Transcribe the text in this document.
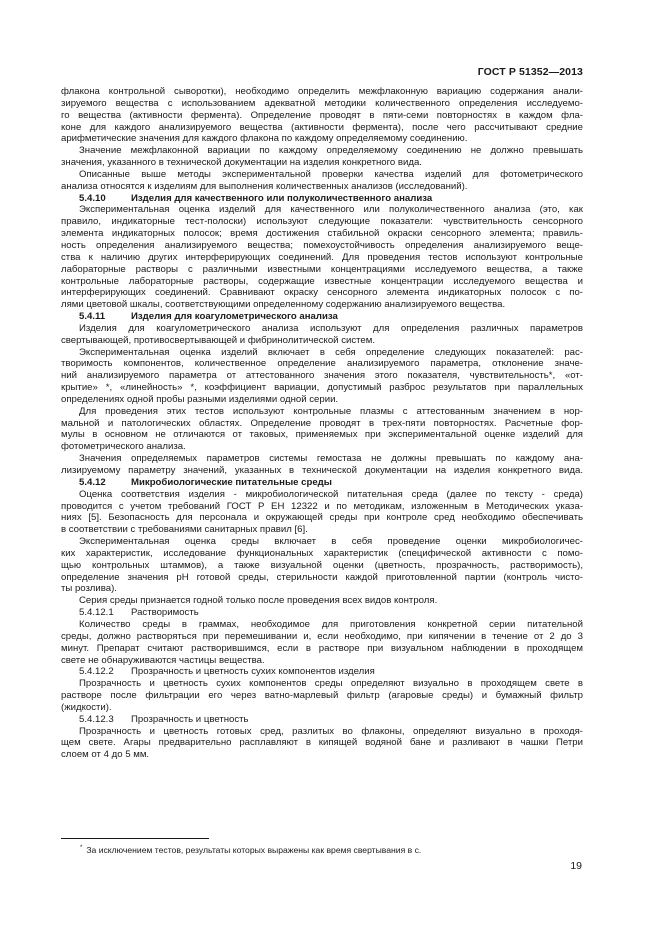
ГОСТ Р 51352—2013
флакона контрольной сыворотки), необходимо определить межфлаконную вариацию содержания анали-
зируемого вещества с использованием адекватной методики количественного определения исследуемо-
го вещества (активности фермента). Определение проводят в пяти-семи повторностях в каждом фла-
коне для каждого анализируемого вещества (активности фермента), после чего рассчитывают средние
арифметические значения для каждого флакона по каждому определяемому соединению.
Значение межфлаконной вариации по каждому определяемому соединению не должно превышать
значения, указанного в технической документации на изделия конкретного вида.
Описанные выше методы экспериментальной проверки качества изделий для фотометрического
анализа относятся к изделиям для выполнения количественных анализов (исследований).
5.4.10	Изделия для качественного или полуколичественного анализа
Экспериментальная оценка изделий для качественного или полуколичественного анализа (это, как
правило, индикаторные тест-полоски) используют следующие показатели: чувствительность сенсорного
элемента индикаторных полосок; время достижения стабильной окраски сенсорного элемента; правиль-
ность определения анализируемого вещества; помехоустойчивость определения анализируемого веще-
ства к наличию других интерферирующих соединений. Для проведения тестов используют контрольные
лабораторные растворы с различными известными концентрациями исследуемого вещества, а также
контрольные лабораторные растворы, содержащие известные концентрации исследуемого вещества и
интерферирующих соединений. Сравнивают окраску сенсорного элемента индикаторных полосок с по-
лями цветовой шкалы, соответствующими определенному содержанию анализируемого вещества.
5.4.11	Изделия для коагулометрического анализа
Изделия для коагулометрического анализа используют для определения различных параметров
свертывающей, противосвертывающей и фибринолитической систем.
Экспериментальная оценка изделий включает в себя определение следующих показателей: рас-
творимость компонентов, количественное определение анализируемого параметра, отклонение значе-
ний анализируемого параметра от аттестованного значения этого показателя, чувствительность*, «от-
крытие» *, «линейность» *, коэффициент вариации, допустимый разброс результатов при параллельных
определениях одной пробы разными изделиями одной серии.
Для проведения этих тестов используют контрольные плазмы с аттестованным значением в нор-
мальной и патологических областях. Определение проводят в трех-пяти повторностях. Расчетные фор-
мулы в основном не отличаются от таковых, применяемых при экспериментальной оценке изделий для
фотометрического анализа.
Значения определяемых параметров системы гемостаза не должны превышать по каждому ана-
лизируемому параметру значений, указанных в технической документации на изделия конкретного вида.
5.4.12	Микробиологические питательные среды
Оценка соответствия изделия - микробиологической питательная среда (далее по тексту - среда)
проводится с учетом требований ГОСТ Р ЕН 12322 и по методикам, изложенным в Методических указа-
ниях [5]. Безопасность для персонала и окружающей среды при контроле сред необходимо обеспечивать
в соответствии с требованиями санитарных правил [6].
Экспериментальная оценка среды включает в себя проведение оценки микробиологичес-
ких характеристик, исследование функциональных характеристик (специфической активности с помо-
щью контрольных штаммов), а также визуальной оценки (цветность, прозрачность, растворимость),
определение значения рН готовой среды, стерильности каждой приготовленной партии (контроль чисто-
ты розлива).
Серия среды признается годной только после проведения всех видов контроля.
5.4.12.1 Растворимость
Количество среды в граммах, необходимое для приготовления конкретной серии питательной
среды, должно растворяться при перемешивании и, если необходимо, при кипячении в течение от 2 до 3
минут. Препарат считают растворившимся, если в растворе при визуальном наблюдении в проходящем
свете не обнаруживаются частицы вещества.
5.4.12.2 Прозрачность и цветность сухих компонентов изделия
Прозрачность и цветность сухих компонентов среды определяют визуально в проходящем свете в
растворе после фильтрации его через ватно-марлевый фильтр (агаровые среды) и бумажный фильтр
(жидкости).
5.4.12.3 Прозрачность и цветность
Прозрачность и цветность готовых сред, разлитых во флаконы, определяют визуально в проходя-
щем свете. Агары предварительно расплавляют в кипящей водяной бане и разливают в чашки Петри
слоем от 4 до 5 мм.
* За исключением тестов, результаты которых выражены как время свертывания в с.
19
